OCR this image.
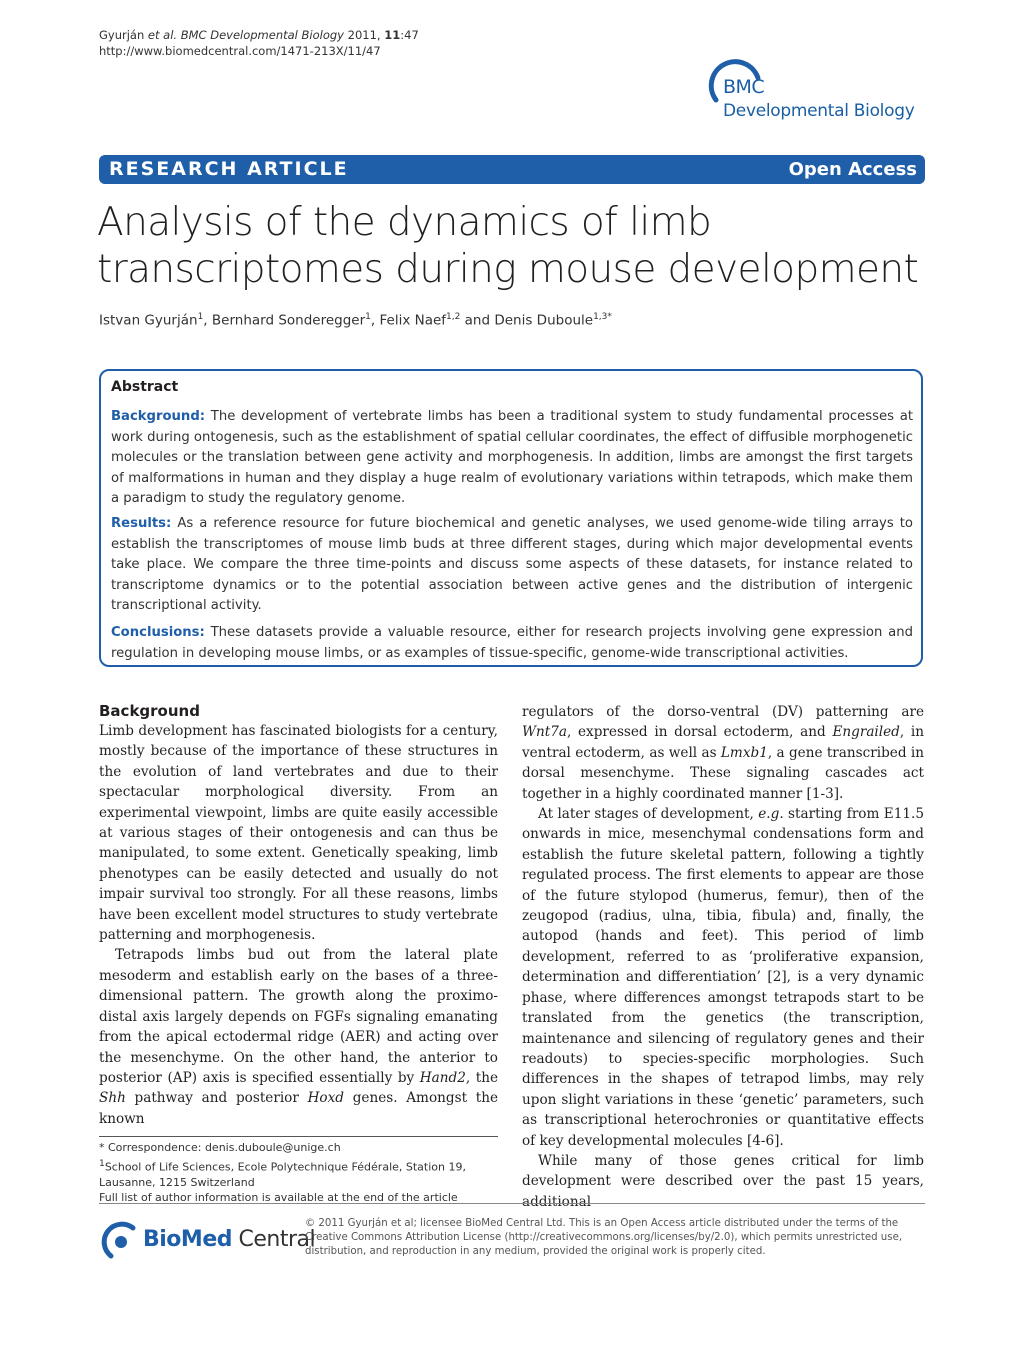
Gyurján et al. BMC Developmental Biology 2011, 11:47
http://www.biomedcentral.com/1471-213X/11/47
BMC
Developmental Biology
RESEARCH ARTICLE	Open Access
Analysis of the dynamics of limb transcriptomes during mouse development
Istvan Gyurján$^1$, Bernhard Sonderegger$^1$, Felix Naef$^{1,2}$ and Denis Duboule$^{1,3*}$
Abstract
Background: The development of vertebrate limbs has been a traditional system to study fundamental processes at work during ontogenesis, such as the establishment of spatial cellular coordinates, the effect of diffusible morphogenetic molecules or the translation between gene activity and morphogenesis. In addition, limbs are amongst the first targets of malformations in human and they display a huge realm of evolutionary variations within tetrapods, which make them a paradigm to study the regulatory genome.
Results: As a reference resource for future biochemical and genetic analyses, we used genome-wide tiling arrays to establish the transcriptomes of mouse limb buds at three different stages, during which major developmental events take place. We compare the three time-points and discuss some aspects of these datasets, for instance related to transcriptome dynamics or to the potential association between active genes and the distribution of intergenic transcriptional activity.
Conclusions: These datasets provide a valuable resource, either for research projects involving gene expression and regulation in developing mouse limbs, or as examples of tissue-specific, genome-wide transcriptional activities.

Background

Limb development has fascinated biologists for a century, mostly because of the importance of these structures in the evolution of land vertebrates and due to their spectacular morphological diversity. From an experimental viewpoint, limbs are quite easily accessible at various stages of their ontogenesis and can thus be manipulated, to some extent. Genetically speaking, limb phenotypes can be easily detected and usually do not impair survival too strongly. For all these reasons, limbs have been excellent model structures to study vertebrate patterning and morphogenesis.

Tetrapods limbs bud out from the lateral plate mesoderm and establish early on the bases of a three-dimensional pattern. The growth along the proximo-distal axis largely depends on FGFs signaling emanating from the apical ectodermal ridge (AER) and acting over the mesenchyme. On the other hand, the anterior to posterior (AP) axis is specified essentially by Hand2, the Shh pathway and posterior Hoxd genes. Amongst the known

regulators of the dorso-ventral (DV) patterning are Wnt7a, expressed in dorsal ectoderm, and Engrailed, in ventral ectoderm, as well as Lmxb1, a gene transcribed in dorsal mesenchyme. These signaling cascades act together in a highly coordinated manner [1-3].

At later stages of development, e.g. starting from E11.5 onwards in mice, mesenchymal condensations form and establish the future skeletal pattern, following a tightly regulated process. The first elements to appear are those of the future stylopod (humerus, femur), then of the zeugopod (radius, ulna, tibia, fibula) and, finally, the autopod (hands and feet). This period of limb development, referred to as ‘proliferative expansion, determination and differentiation’ [2], is a very dynamic phase, where differences amongst tetrapods start to be translated from the genetics (the transcription, maintenance and silencing of regulatory genes and their readouts) to species-specific morphologies. Such differences in the shapes of tetrapod limbs, may rely upon slight variations in these ‘genetic’ parameters, such as transcriptional heterochronies or quantitative effects of key developmental molecules [4-6].

While many of those genes critical for limb development were described over the past 15 years, additional

* Correspondence: denis.duboule@unige.ch
$^1$School of Life Sciences, Ecole Polytechnique Fédérale, Station 19, Lausanne, 1215 Switzerland
Full list of author information is available at the end of the article
BioMed Central
© 2011 Gyurján et al; licensee BioMed Central Ltd. This is an Open Access article distributed under the terms of the Creative Commons Attribution License (http://creativecommons.org/licenses/by/2.0), which permits unrestricted use, distribution, and reproduction in any medium, provided the original work is properly cited.
